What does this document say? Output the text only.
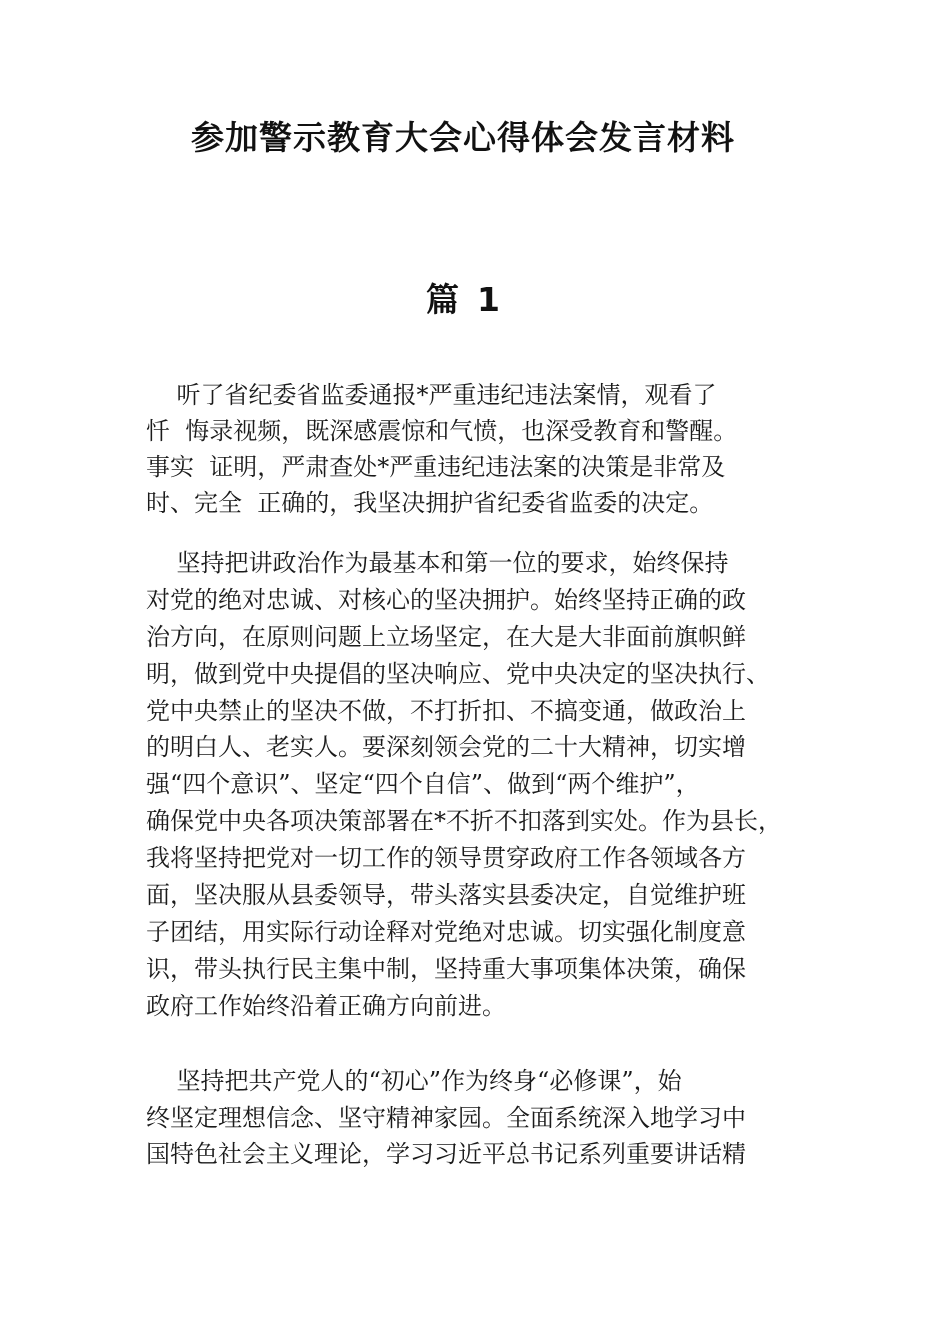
参加警示教育大会心得体会发言材料
篇 1
听了省纪委省监委通报*严重违纪违法案情，观看了
忏  悔录视频，既深感震惊和气愤，也深受教育和警醒。
事实  证明，严肃查处*严重违纪违法案的决策是非常及
时、完全  正确的，我坚决拥护省纪委省监委的决定。
坚持把讲政治作为最基本和第一位的要求，始终保持
对党的绝对忠诚、对核心的坚决拥护。始终坚持正确的政
治方向，在原则问题上立场坚定，在大是大非面前旗帜鲜
明，做到党中央提倡的坚决响应、党中央决定的坚决执行、
党中央禁止的坚决不做，不打折扣、不搞变通，做政治上
的明白人、老实人。要深刻领会党的二十大精神，切实增
强“四个意识”、坚定“四个自信”、做到“两个维护”，
确保党中央各项决策部署在*不折不扣落到实处。作为县长，
我将坚持把党对一切工作的领导贯穿政府工作各领域各方
面，坚决服从县委领导，带头落实县委决定，自觉维护班
子团结，用实际行动诠释对党绝对忠诚。切实强化制度意
识，带头执行民主集中制，坚持重大事项集体决策，确保
政府工作始终沿着正确方向前进。
坚持把共产党人的“初心”作为终身“必修课”，始
终坚定理想信念、坚守精神家园。全面系统深入地学习中
国特色社会主义理论，学习习近平总书记系列重要讲话精
